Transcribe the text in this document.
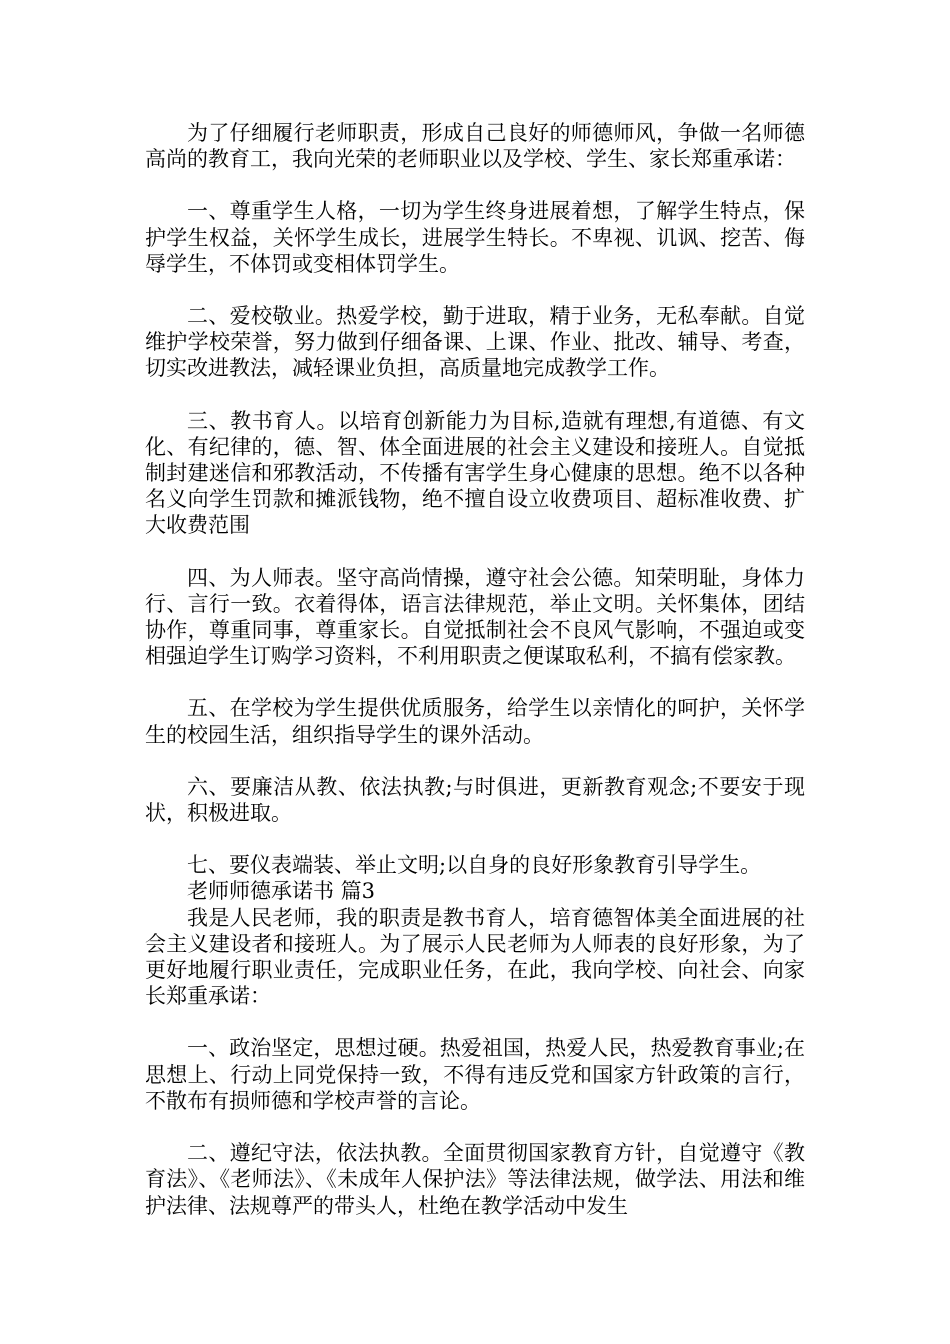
为了仔细履行老师职责，形成自己良好的师德师风，争做一名师德高尚的教育工，我向光荣的老师职业以及学校、学生、家长郑重承诺：

一、尊重学生人格，一切为学生终身进展着想，了解学生特点，保护学生权益，关怀学生成长，进展学生特长。不卑视、讥讽、挖苦、侮辱学生，不体罚或变相体罚学生。

二、爱校敬业。热爱学校，勤于进取，精于业务，无私奉献。自觉维护学校荣誉，努力做到仔细备课、上课、作业、批改、辅导、考查，切实改进教法，减轻课业负担，高质量地完成教学工作。

三、教书育人。以培育创新能力为目标,造就有理想,有道德、有文化、有纪律的，德、智、体全面进展的社会主义建设和接班人。自觉抵制封建迷信和邪教活动，不传播有害学生身心健康的思想。绝不以各种名义向学生罚款和摊派钱物，绝不擅自设立收费项目、超标准收费、扩大收费范围

四、为人师表。坚守高尚情操，遵守社会公德。知荣明耻，身体力行、言行一致。衣着得体，语言法律规范，举止文明。关怀集体，团结协作，尊重同事，尊重家长。自觉抵制社会不良风气影响，不强迫或变相强迫学生订购学习资料，不利用职责之便谋取私利，不搞有偿家教。

五、在学校为学生提供优质服务，给学生以亲情化的呵护，关怀学生的校园生活，组织指导学生的课外活动。

六、要廉洁从教、依法执教;与时俱进，更新教育观念;不要安于现状，积极进取。

七、要仪表端装、举止文明;以自身的良好形象教育引导学生。

老师师德承诺书 篇3

我是人民老师，我的职责是教书育人，培育德智体美全面进展的社会主义建设者和接班人。为了展示人民老师为人师表的良好形象，为了更好地履行职业责任，完成职业任务，在此，我向学校、向社会、向家长郑重承诺：

一、政治坚定，思想过硬。热爱祖国，热爱人民，热爱教育事业;在思想上、行动上同党保持一致，不得有违反党和国家方针政策的言行，不散布有损师德和学校声誉的言论。

二、遵纪守法，依法执教。全面贯彻国家教育方针，自觉遵守《教育法》、《老师法》、《未成年人保护法》等法律法规，做学法、用法和维护法律、法规尊严的带头人，杜绝在教学活动中发生
